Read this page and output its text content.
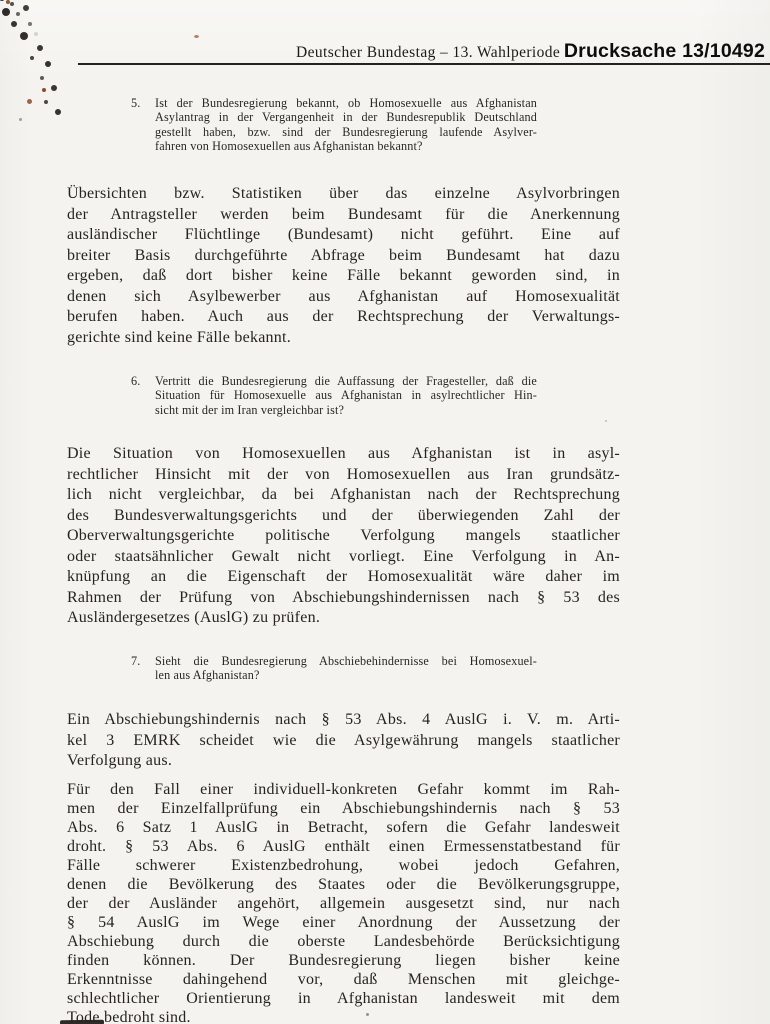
Deutscher Bundestag – 13. Wahlperiode Drucksache 13/10492
5. Ist der Bundesregierung bekannt, ob Homosexuelle aus Afghanistan
Asylantrag in der Vergangenheit in der Bundesrepublik Deutschland
gestellt haben, bzw. sind der Bundesregierung laufende Asylver-
fahren von Homosexuellen aus Afghanistan bekannt?
Übersichten bzw. Statistiken über das einzelne Asylvorbringen
der Antragsteller werden beim Bundesamt für die Anerkennung
ausländischer Flüchtlinge (Bundesamt) nicht geführt. Eine auf
breiter Basis durchgeführte Abfrage beim Bundesamt hat dazu
ergeben, daß dort bisher keine Fälle bekannt geworden sind, in
denen sich Asylbewerber aus Afghanistan auf Homosexualität
berufen haben. Auch aus der Rechtsprechung der Verwaltungs-
gerichte sind keine Fälle bekannt.
6. Vertritt die Bundesregierung die Auffassung der Fragesteller, daß die
Situation für Homosexuelle aus Afghanistan in asylrechtlicher Hin-
sicht mit der im Iran vergleichbar ist?
Die Situation von Homosexuellen aus Afghanistan ist in asyl-
rechtlicher Hinsicht mit der von Homosexuellen aus Iran grundsätz-
lich nicht vergleichbar, da bei Afghanistan nach der Rechtsprechung
des Bundesverwaltungsgerichts und der überwiegenden Zahl der
Oberverwaltungsgerichte politische Verfolgung mangels staatlicher
oder staatsähnlicher Gewalt nicht vorliegt. Eine Verfolgung in An-
knüpfung an die Eigenschaft der Homosexualität wäre daher im
Rahmen der Prüfung von Abschiebungshindernissen nach § 53 des
Ausländergesetzes (AuslG) zu prüfen.
7. Sieht die Bundesregierung Abschiebehindernisse bei Homosexuel-
len aus Afghanistan?
Ein Abschiebungshindernis nach § 53 Abs. 4 AuslG i. V. m. Arti-
kel 3 EMRK scheidet wie die Asylgewährung mangels staatlicher
Verfolgung aus.
Für den Fall einer individuell-konkreten Gefahr kommt im Rah-
men der Einzelfallprüfung ein Abschiebungshindernis nach § 53
Abs. 6 Satz 1 AuslG in Betracht, sofern die Gefahr landesweit
droht. § 53 Abs. 6 AuslG enthält einen Ermessenstatbestand für
Fälle schwerer Existenzbedrohung, wobei jedoch Gefahren,
denen die Bevölkerung des Staates oder die Bevölkerungsgruppe,
der der Ausländer angehört, allgemein ausgesetzt sind, nur nach
§ 54 AuslG im Wege einer Anordnung der Aussetzung der
Abschiebung durch die oberste Landesbehörde Berücksichtigung
finden können. Der Bundesregierung liegen bisher keine
Erkenntnisse dahingehend vor, daß Menschen mit gleichge-
schlechtlicher Orientierung in Afghanistan landesweit mit dem
Tode bedroht sind.
